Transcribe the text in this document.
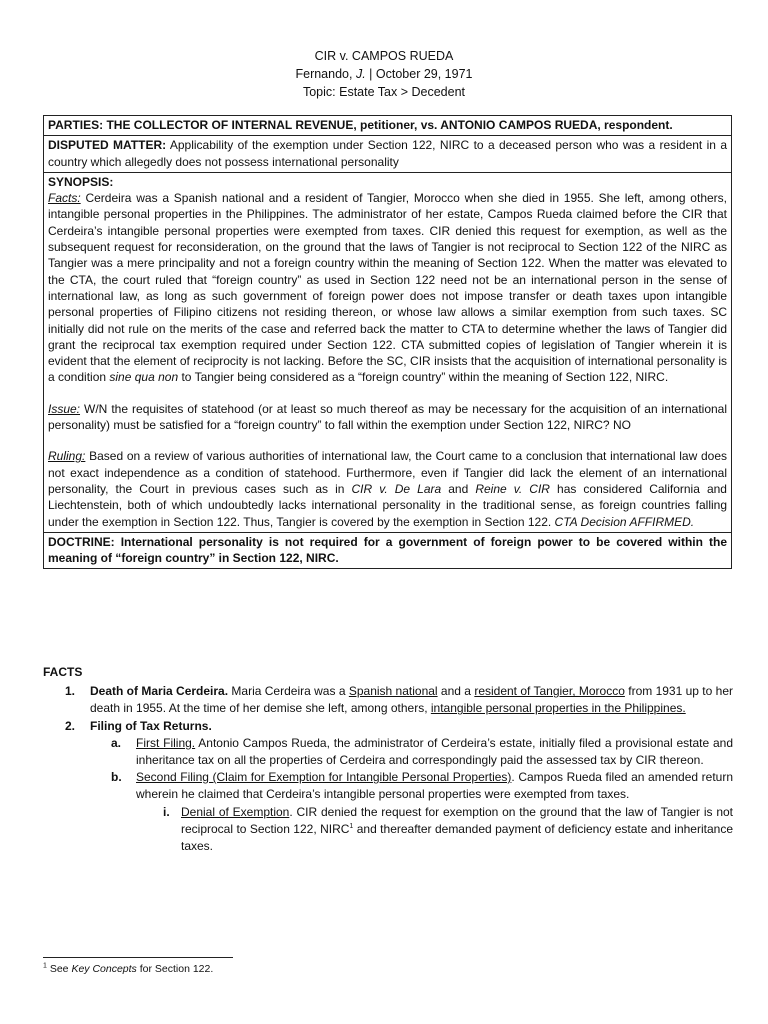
CIR v. CAMPOS RUEDA
Fernando, J. | October 29, 1971
Topic: Estate Tax > Decedent
PARTIES: THE COLLECTOR OF INTERNAL REVENUE, petitioner, vs. ANTONIO CAMPOS RUEDA, respondent.
DISPUTED MATTER: Applicability of the exemption under Section 122, NIRC to a deceased person who was a resident in a country which allegedly does not possess international personality
SYNOPSIS:
Facts: Cerdeira was a Spanish national and a resident of Tangier, Morocco when she died in 1955. She left, among others, intangible personal properties in the Philippines. The administrator of her estate, Campos Rueda claimed before the CIR that Cerdeira’s intangible personal properties were exempted from taxes. CIR denied this request for exemption, as well as the subsequent request for reconsideration, on the ground that the laws of Tangier is not reciprocal to Section 122 of the NIRC as Tangier was a mere principality and not a foreign country within the meaning of Section 122. When the matter was elevated to the CTA, the court ruled that “foreign country” as used in Section 122 need not be an international person in the sense of international law, as long as such government of foreign power does not impose transfer or death taxes upon intangible personal properties of Filipino citizens not residing thereon, or whose law allows a similar exemption from such taxes. SC initially did not rule on the merits of the case and referred back the matter to CTA to determine whether the laws of Tangier did grant the reciprocal tax exemption required under Section 122. CTA submitted copies of legislation of Tangier wherein it is evident that the element of reciprocity is not lacking. Before the SC, CIR insists that the acquisition of international personality is a condition sine qua non to Tangier being considered as a “foreign country” within the meaning of Section 122, NIRC.
Issue: W/N the requisites of statehood (or at least so much thereof as may be necessary for the acquisition of an international personality) must be satisfied for a “foreign country” to fall within the exemption under Section 122, NIRC? NO
Ruling: Based on a review of various authorities of international law, the Court came to a conclusion that international law does not exact independence as a condition of statehood. Furthermore, even if Tangier did lack the element of an international personality, the Court in previous cases such as in CIR v. De Lara and Reine v. CIR has considered California and Liechtenstein, both of which undoubtedly lacks international personality in the traditional sense, as foreign countries falling under the exemption in Section 122. Thus, Tangier is covered by the exemption in Section 122. CTA Decision AFFIRMED.
DOCTRINE: International personality is not required for a government of foreign power to be covered within the meaning of “foreign country” in Section 122, NIRC.
FACTS
1. Death of Maria Cerdeira. Maria Cerdeira was a Spanish national and a resident of Tangier, Morocco from 1931 up to her death in 1955. At the time of her demise she left, among others, intangible personal properties in the Philippines.
2. Filing of Tax Returns.
a. First Filing. Antonio Campos Rueda, the administrator of Cerdeira’s estate, initially filed a provisional estate and inheritance tax on all the properties of Cerdeira and correspondingly paid the assessed tax by CIR thereon.
b. Second Filing (Claim for Exemption for Intangible Personal Properties). Campos Rueda filed an amended return wherein he claimed that Cerdeira’s intangible personal properties were exempted from taxes.
i. Denial of Exemption. CIR denied the request for exemption on the ground that the law of Tangier is not reciprocal to Section 122, NIRC$^1$ and thereafter demanded payment of deficiency estate and inheritance taxes.
$^1$ See Key Concepts for Section 122.
